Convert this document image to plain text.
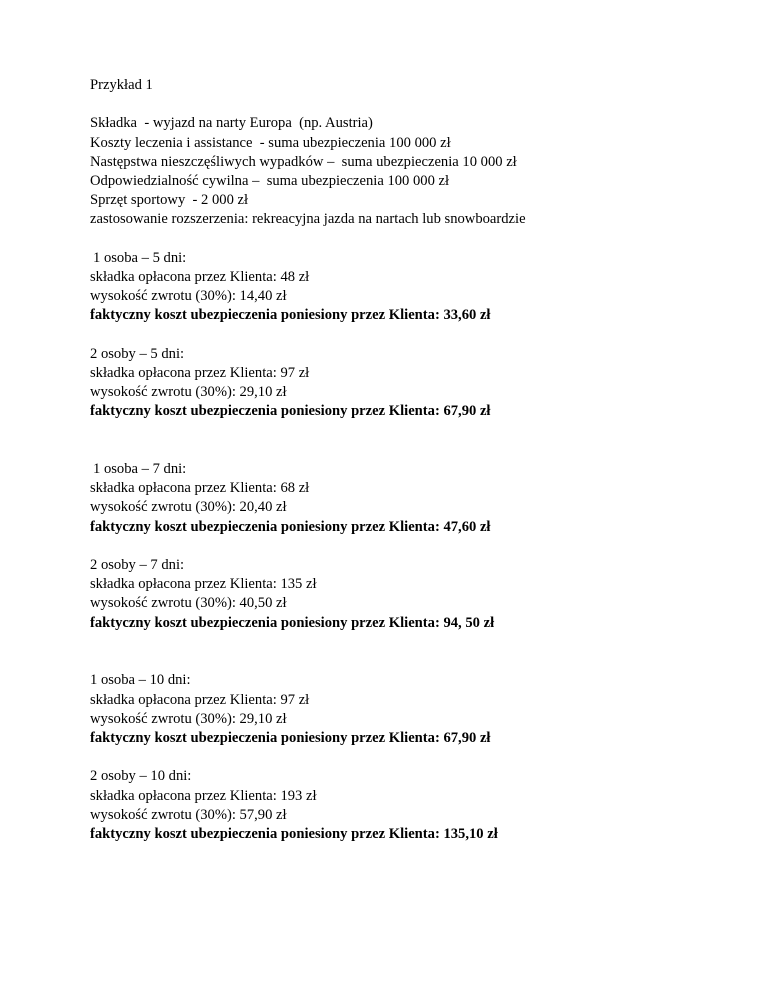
Przykład 1

Składka  - wyjazd na narty Europa  (np. Austria)
Koszty leczenia i assistance  - suma ubezpieczenia 100 000 zł
Następstwa nieszczęśliwych wypadków –  suma ubezpieczenia 10 000 zł
Odpowiedzialność cywilna –  suma ubezpieczenia 100 000 zł
Sprzęt sportowy  - 2 000 zł
zastosowanie rozszerzenia: rekreacyjna jazda na nartach lub snowboardzie

1 osoba – 5 dni:
składka opłacona przez Klienta: 48 zł
wysokość zwrotu (30%): 14,40 zł
faktyczny koszt ubezpieczenia poniesiony przez Klienta: 33,60 zł

2 osoby – 5 dni:
składka opłacona przez Klienta: 97 zł
wysokość zwrotu (30%): 29,10 zł
faktyczny koszt ubezpieczenia poniesiony przez Klienta: 67,90 zł

1 osoba – 7 dni:
składka opłacona przez Klienta: 68 zł
wysokość zwrotu (30%): 20,40 zł
faktyczny koszt ubezpieczenia poniesiony przez Klienta: 47,60 zł

2 osoby – 7 dni:
składka opłacona przez Klienta: 135 zł
wysokość zwrotu (30%): 40,50 zł
faktyczny koszt ubezpieczenia poniesiony przez Klienta: 94, 50 zł

1 osoba – 10 dni:
składka opłacona przez Klienta: 97 zł
wysokość zwrotu (30%): 29,10 zł
faktyczny koszt ubezpieczenia poniesiony przez Klienta: 67,90 zł

2 osoby – 10 dni:
składka opłacona przez Klienta: 193 zł
wysokość zwrotu (30%): 57,90 zł
faktyczny koszt ubezpieczenia poniesiony przez Klienta: 135,10 zł
